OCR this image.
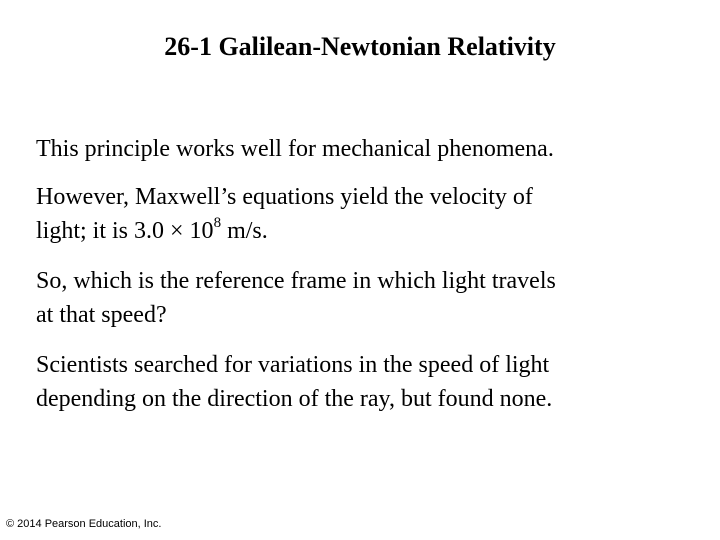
26-1 Galilean-Newtonian Relativity
This principle works well for mechanical phenomena.
However, Maxwell’s equations yield the velocity of
light; it is $3.0 \times 10^8$ m/s.
So, which is the reference frame in which light travels
at that speed?
Scientists searched for variations in the speed of light
depending on the direction of the ray, but found none.
© 2014 Pearson Education, Inc.
